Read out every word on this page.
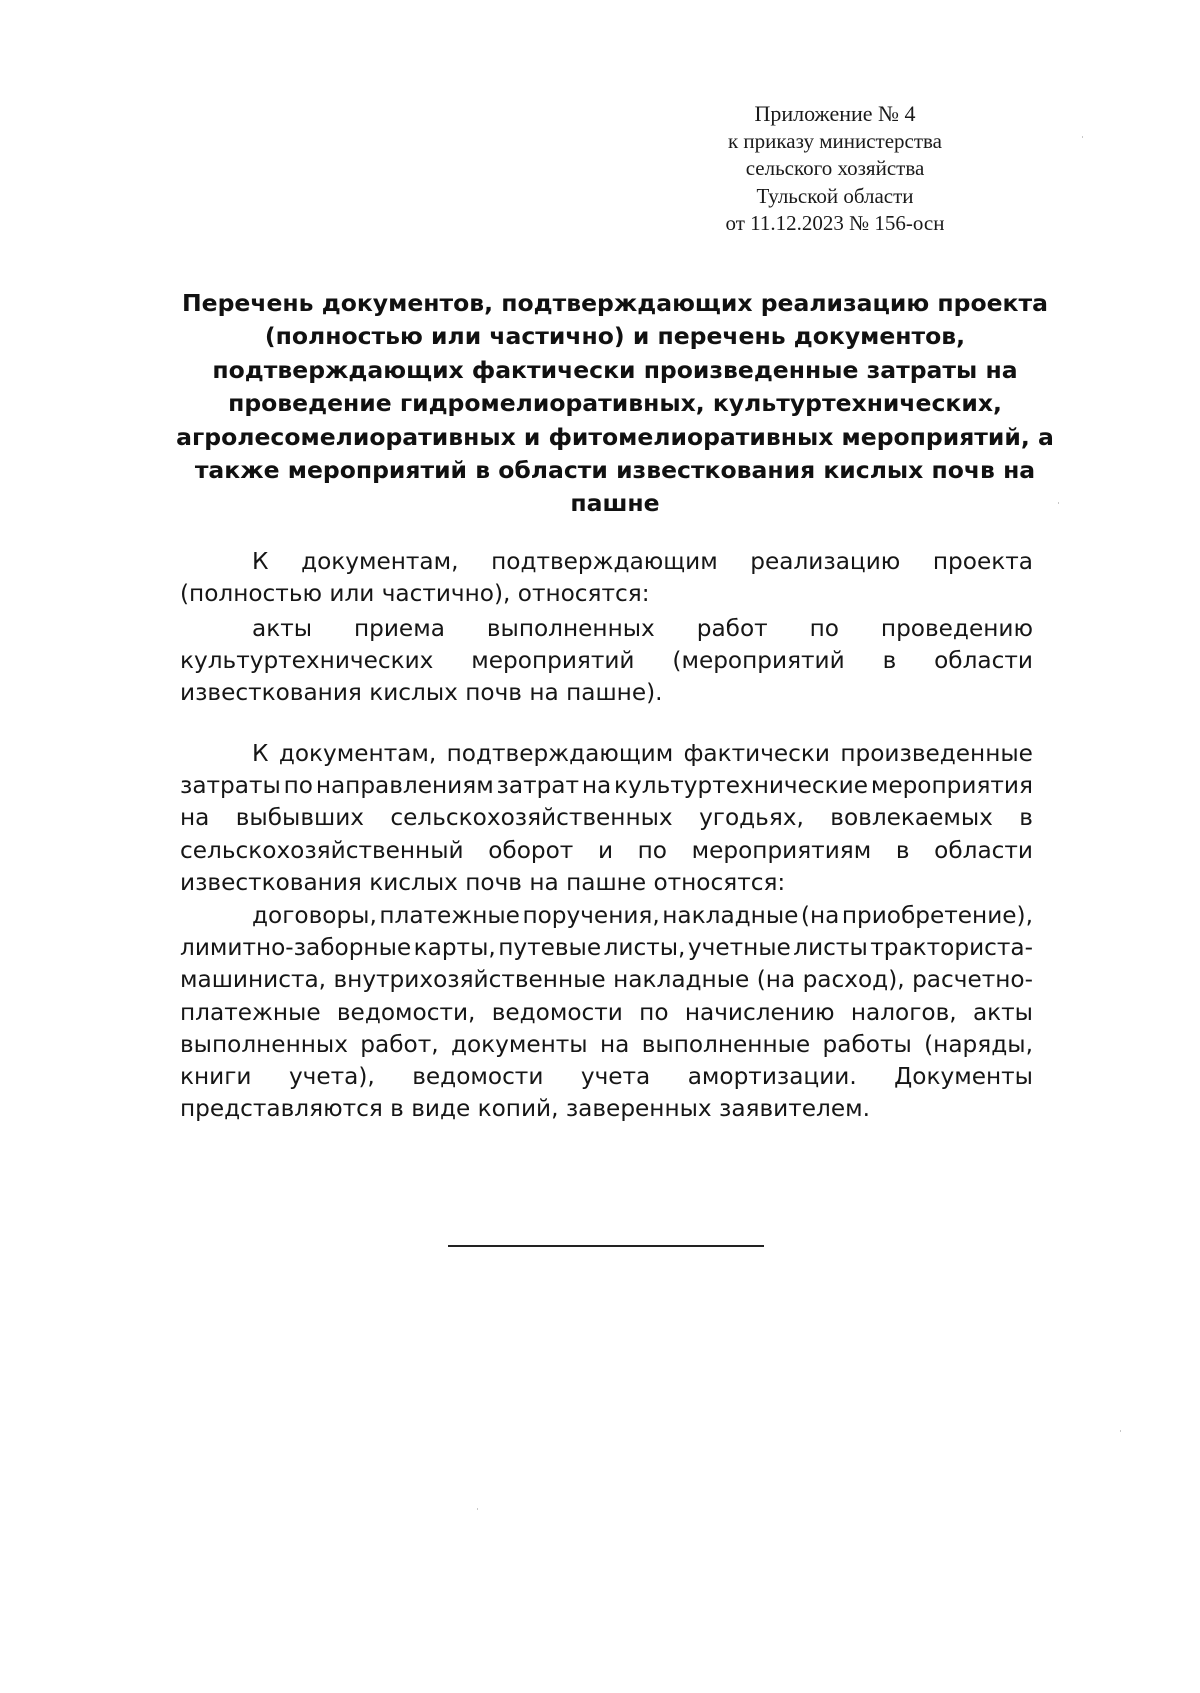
Приложение № 4
к приказу министерства
сельского хозяйства
Тульской области
от 11.12.2023 № 156-осн
Перечень документов, подтверждающих реализацию проекта
(полностью или частично) и перечень документов,
подтверждающих фактически произведенные затраты на
проведение гидромелиоративных, культуртехнических,
агролесомелиоративных и фитомелиоративных мероприятий, а
также мероприятий в области известкования кислых почв на
пашне
К документам, подтверждающим реализацию проекта
(полностью или частично), относятся:
акты приема выполненных работ по проведению
культуртехнических мероприятий (мероприятий в области
известкования кислых почв на пашне).
К документам, подтверждающим фактически произведенные
затраты по направлениям затрат на культуртехнические мероприятия
на выбывших сельскохозяйственных угодьях, вовлекаемых в
сельскохозяйственный оборот и по мероприятиям в области
известкования кислых почв на пашне относятся:
договоры, платежные поручения, накладные (на приобретение),
лимитно-заборные карты, путевые листы, учетные листы тракториста-
машиниста, внутрихозяйственные накладные (на расход), расчетно-
платежные ведомости, ведомости по начислению налогов, акты
выполненных работ, документы на выполненные работы (наряды,
книги учета), ведомости учета амортизации. Документы
представляются в виде копий, заверенных заявителем.
